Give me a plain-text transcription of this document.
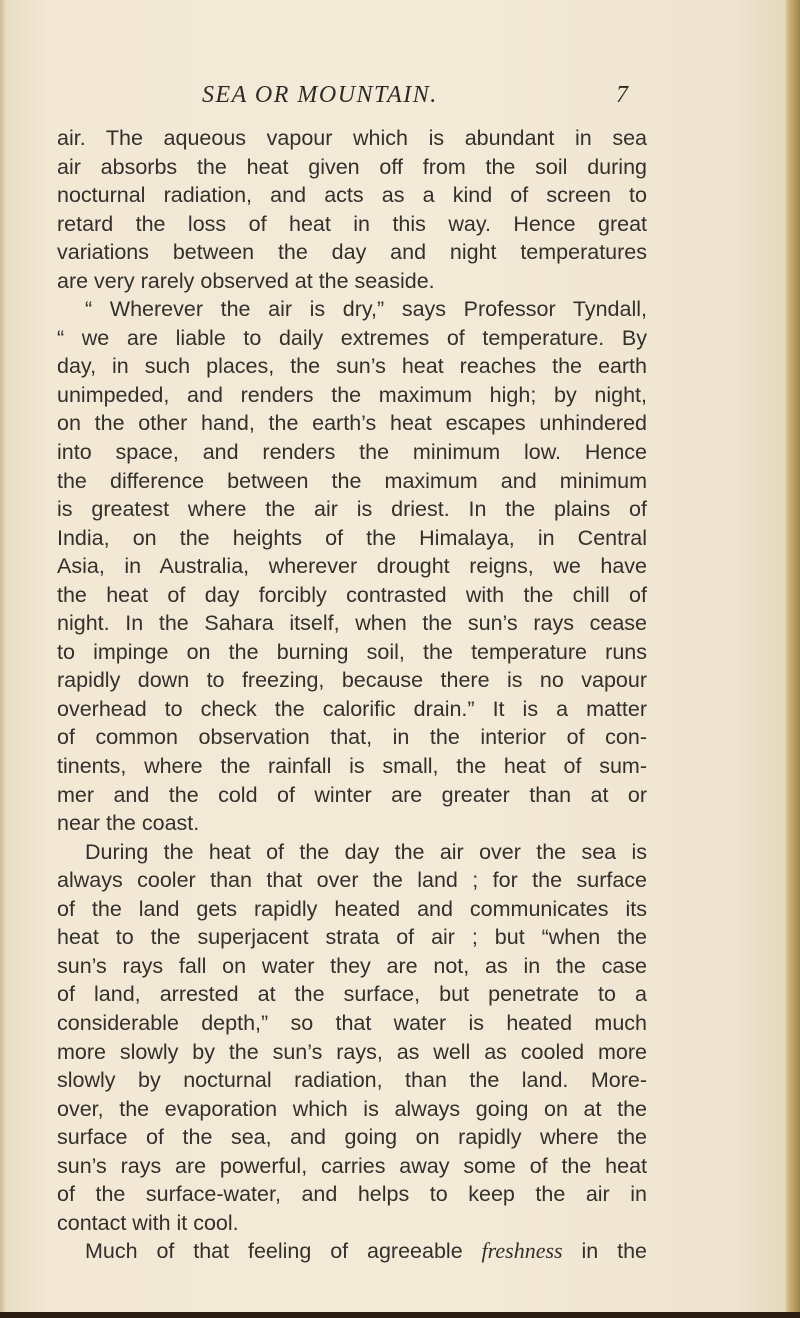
SEA OR MOUNTAIN.	7
air. The aqueous vapour which is abundant in sea
air absorbs the heat given off from the soil during
nocturnal radiation, and acts as a kind of screen to
retard the loss of heat in this way. Hence great
variations between the day and night temperatures
are very rarely observed at the seaside.
“ Wherever the air is dry,” says Professor Tyndall,
“ we are liable to daily extremes of temperature. By
day, in such places, the sun’s heat reaches the earth
unimpeded, and renders the maximum high; by night,
on the other hand, the earth’s heat escapes unhindered
into space, and renders the minimum low. Hence
the difference between the maximum and minimum
is greatest where the air is driest. In the plains of
India, on the heights of the Himalaya, in Central
Asia, in Australia, wherever drought reigns, we have
the heat of day forcibly contrasted with the chill of
night. In the Sahara itself, when the sun’s rays cease
to impinge on the burning soil, the temperature runs
rapidly down to freezing, because there is no vapour
overhead to check the calorific drain.” It is a matter
of common observation that, in the interior of con-
tinents, where the rainfall is small, the heat of sum-
mer and the cold of winter are greater than at or
near the coast.
During the heat of the day the air over the sea is
always cooler than that over the land ; for the surface
of the land gets rapidly heated and communicates its
heat to the superjacent strata of air ; but “when the
sun’s rays fall on water they are not, as in the case
of land, arrested at the surface, but penetrate to a
considerable depth,” so that water is heated much
more slowly by the sun’s rays, as well as cooled more
slowly by nocturnal radiation, than the land. More-
over, the evaporation which is always going on at the
surface of the sea, and going on rapidly where the
sun’s rays are powerful, carries away some of the heat
of the surface-water, and helps to keep the air in
contact with it cool.
Much of that feeling of agreeable freshness in the
